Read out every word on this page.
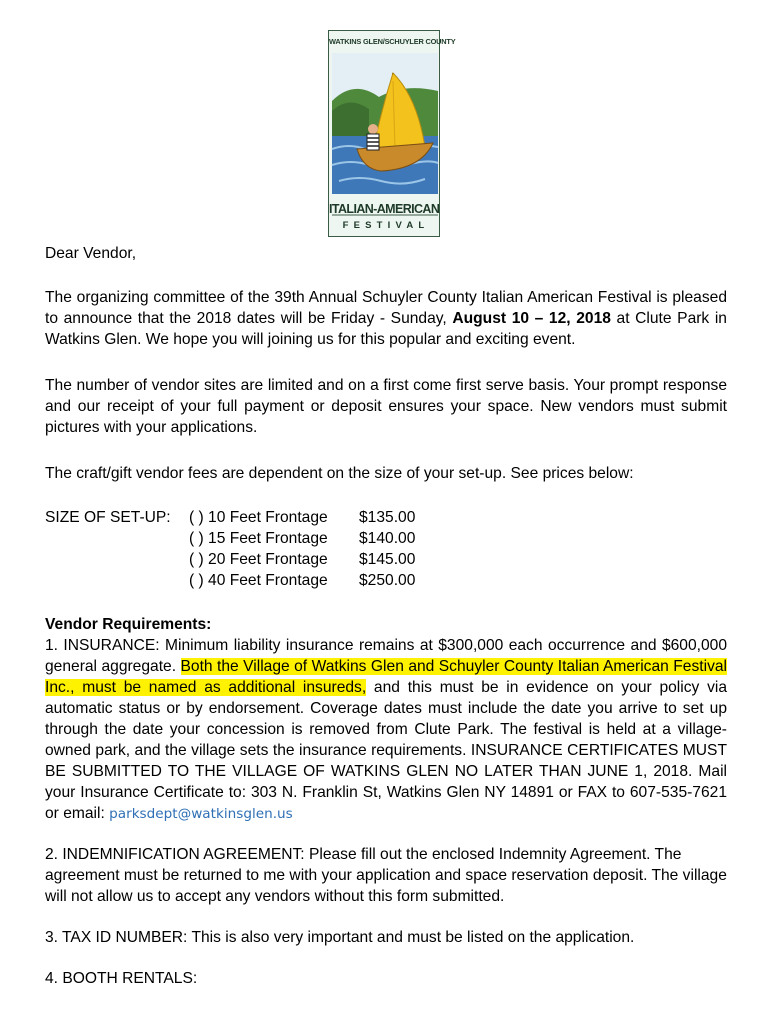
WATKINS GLEN/SCHUYLER COUNTY
ITALIAN-AMERICAN
FESTIVAL
Dear Vendor,
The organizing committee of the 39th Annual Schuyler County Italian American Festival is pleased to announce that the 2018 dates will be Friday - Sunday, August 10 – 12, 2018 at Clute Park in Watkins Glen. We hope you will joining us for this popular and exciting event.
The number of vendor sites are limited and on a first come first serve basis. Your prompt response and our receipt of your full payment or deposit ensures your space. New vendors must submit pictures with your applications.
The craft/gift vendor fees are dependent on the size of your set-up. See prices below:
SIZE OF SET-UP: ( ) 10 Feet Frontage $135.00
( ) 15 Feet Frontage $140.00
( ) 20 Feet Frontage $145.00
( ) 40 Feet Frontage $250.00
Vendor Requirements:
1. INSURANCE: Minimum liability insurance remains at $300,000 each occurrence and $600,000 general aggregate. Both the Village of Watkins Glen and Schuyler County Italian American Festival Inc., must be named as additional insureds, and this must be in evidence on your policy via automatic status or by endorsement. Coverage dates must include the date you arrive to set up through the date your concession is removed from Clute Park. The festival is held at a village-owned park, and the village sets the insurance requirements. INSURANCE CERTIFICATES MUST BE SUBMITTED TO THE VILLAGE OF WATKINS GLEN NO LATER THAN JUNE 1, 2018. Mail your Insurance Certificate to: 303 N. Franklin St, Watkins Glen NY 14891 or FAX to 607-535-7621 or email: parksdept@watkinsglen.us
2. INDEMNIFICATION AGREEMENT: Please fill out the enclosed Indemnity Agreement. The agreement must be returned to me with your application and space reservation deposit. The village will not allow us to accept any vendors without this form submitted.
3. TAX ID NUMBER: This is also very important and must be listed on the application.
4. BOOTH RENTALS:
